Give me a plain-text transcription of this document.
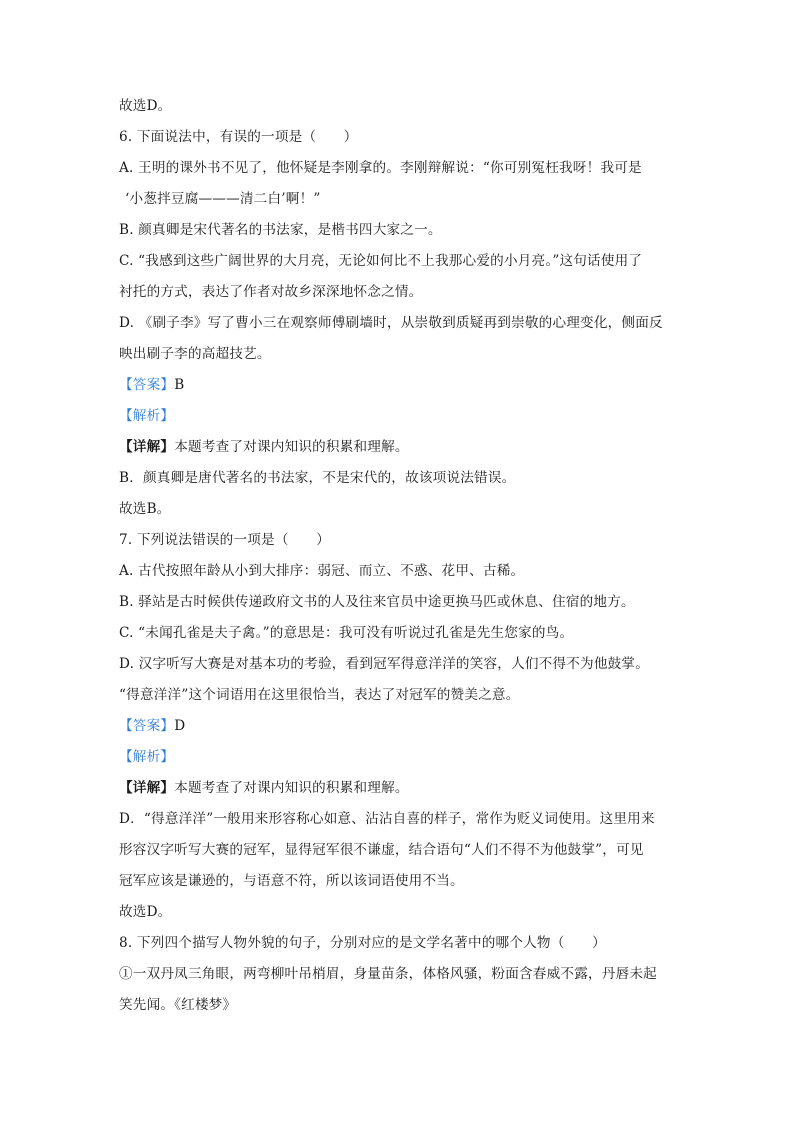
故选D。
6. 下面说法中，有误的一项是（　　）
A. 王明的课外书不见了，他怀疑是李刚拿的。李刚辩解说：“你可别冤枉我呀！我可是
‘小葱拌豆腐———清二白’啊！”
B. 颜真卿是宋代著名的书法家，是楷书四大家之一。
C. “我感到这些广阔世界的大月亮，无论如何比不上我那心爱的小月亮。”这句话使用了
衬托的方式，表达了作者对故乡深深地怀念之情。
D. 《刷子李》写了曹小三在观察师傅刷墙时，从崇敬到质疑再到崇敬的心理变化，侧面反
映出刷子李的高超技艺。
【答案】B
【解析】
【详解】本题考查了对课内知识的积累和理解。
B．颜真卿是唐代著名的书法家，不是宋代的，故该项说法错误。
故选B。
7. 下列说法错误的一项是（　　）
A. 古代按照年龄从小到大排序：弱冠、而立、不惑、花甲、古稀。
B. 驿站是古时候供传递政府文书的人及往来官员中途更换马匹或休息、住宿的地方。
C. “未闻孔雀是夫子禽。”的意思是：我可没有听说过孔雀是先生您家的鸟。
D. 汉字听写大赛是对基本功的考验，看到冠军得意洋洋的笑容，人们不得不为他鼓掌。
“得意洋洋”这个词语用在这里很恰当，表达了对冠军的赞美之意。
【答案】D
【解析】
【详解】本题考查了对课内知识的积累和理解。
D．“得意洋洋”一般用来形容称心如意、沾沾自喜的样子，常作为贬义词使用。这里用来
形容汉字听写大赛的冠军，显得冠军很不谦虚，结合语句“人们不得不为他鼓掌”，可见
冠军应该是谦逊的，与语意不符，所以该词语使用不当。
故选D。
8. 下列四个描写人物外貌的句子，分别对应的是文学名著中的哪个人物（　　）
①一双丹凤三角眼，两弯柳叶吊梢眉，身量苗条，体格风骚，粉面含春威不露，丹唇未起
笑先闻。《红楼梦》
